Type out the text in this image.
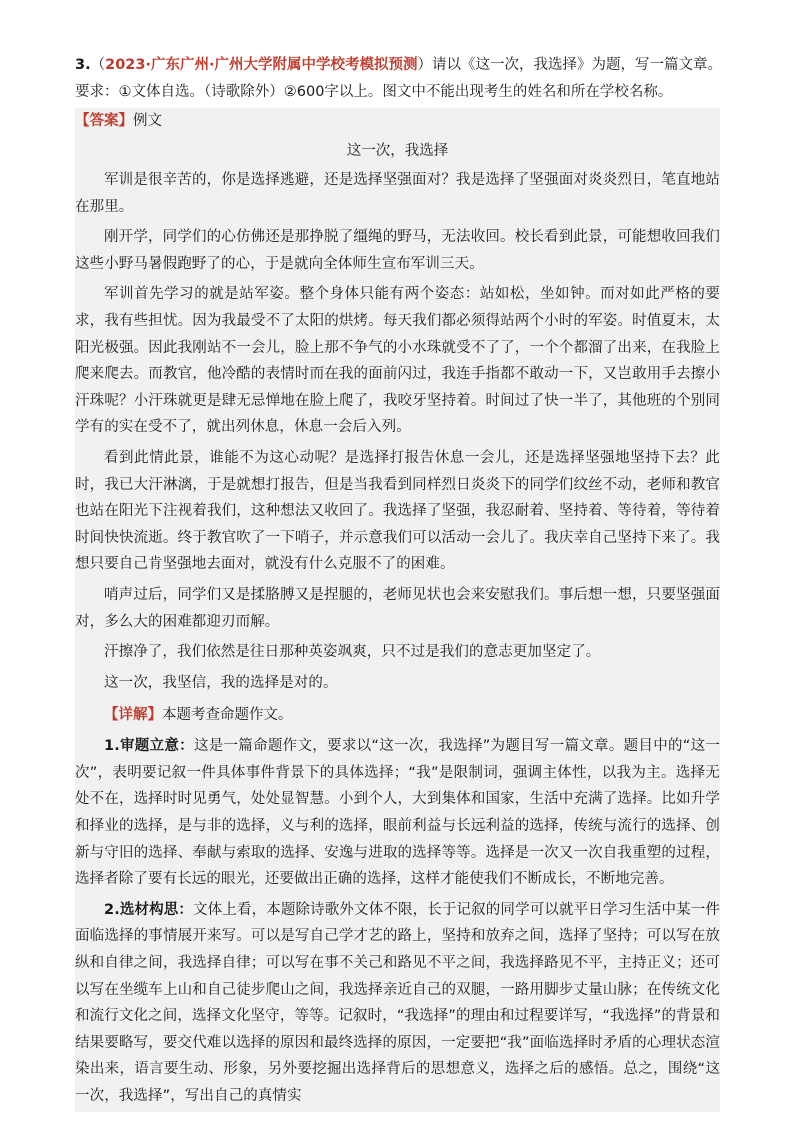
3.（2023·广东广州·广州大学附属中学校考模拟预测）请以《这一次，我选择》为题，写一篇文章。

要求：①文体自选。（诗歌除外）②600字以上。图文中不能出现考生的姓名和所在学校名称。

【答案】例文

这一次，我选择

军训是很辛苦的，你是选择逃避，还是选择坚强面对？我是选择了坚强面对炎炎烈日，笔直地站在那里。

刚开学，同学们的心仿佛还是那挣脱了缰绳的野马，无法收回。校长看到此景，可能想收回我们这些小野马暑假跑野了的心，于是就向全体师生宣布军训三天。

军训首先学习的就是站军姿。整个身体只能有两个姿态：站如松，坐如钟。而对如此严格的要求，我有些担忧。因为我最受不了太阳的烘烤。每天我们都必须得站两个小时的军姿。时值夏末，太阳光极强。因此我刚站不一会儿，脸上那不争气的小水珠就受不了了，一个个都溜了出来，在我脸上爬来爬去。而教官，他冷酷的表情时而在我的面前闪过，我连手指都不敢动一下，又岂敢用手去擦小汗珠呢？小汗珠就更是肆无忌惮地在脸上爬了，我咬牙坚持着。时间过了快一半了，其他班的个别同学有的实在受不了，就出列休息，休息一会后入列。

看到此情此景，谁能不为这心动呢？是选择打报告休息一会儿，还是选择坚强地坚持下去？此时，我已大汗淋漓，于是就想打报告，但是当我看到同样烈日炎炎下的同学们纹丝不动，老师和教官也站在阳光下注视着我们，这种想法又收回了。我选择了坚强，我忍耐着、坚持着、等待着，等待着时间快快流逝。终于教官吹了一下哨子，并示意我们可以活动一会儿了。我庆幸自己坚持下来了。我想只要自己肯坚强地去面对，就没有什么克服不了的困难。

哨声过后，同学们又是揉胳膊又是捏腿的，老师见状也会来安慰我们。事后想一想，只要坚强面对，多么大的困难都迎刃而解。

汗擦净了，我们依然是往日那种英姿飒爽，只不过是我们的意志更加坚定了。

这一次，我坚信，我的选择是对的。

【详解】本题考查命题作文。

1.审题立意：这是一篇命题作文，要求以“这一次，我选择”为题目写一篇文章。题目中的“这一次”，表明要记叙一件具体事件背景下的具体选择；“我”是限制词，强调主体性，以我为主。选择无处不在，选择时时见勇气，处处显智慧。小到个人，大到集体和国家，生活中充满了选择。比如升学和择业的选择，是与非的选择，义与利的选择，眼前利益与长远利益的选择，传统与流行的选择、创新与守旧的选择、奉献与索取的选择、安逸与进取的选择等等。选择是一次又一次自我重塑的过程，选择者除了要有长远的眼光，还要做出正确的选择，这样才能使我们不断成长，不断地完善。

2.选材构思：文体上看，本题除诗歌外文体不限，长于记叙的同学可以就平日学习生活中某一件面临选择的事情展开来写。可以是写自己学才艺的路上，坚持和放弃之间，选择了坚持；可以写在放纵和自律之间，我选择自律；可以写在事不关己和路见不平之间，我选择路见不平，主持正义；还可以写在坐缆车上山和自己徒步爬山之间，我选择亲近自己的双腿，一路用脚步丈量山脉；在传统文化和流行文化之间，选择文化坚守，等等。记叙时，“我选择”的理由和过程要详写，“我选择”的背景和结果要略写，要交代难以选择的原因和最终选择的原因，一定要把“我”面临选择时矛盾的心理状态渲染出来，语言要生动、形象，另外要挖掘出选择背后的思想意义，选择之后的感悟。总之，围绕“这一次，我选择”，写出自己的真情实
